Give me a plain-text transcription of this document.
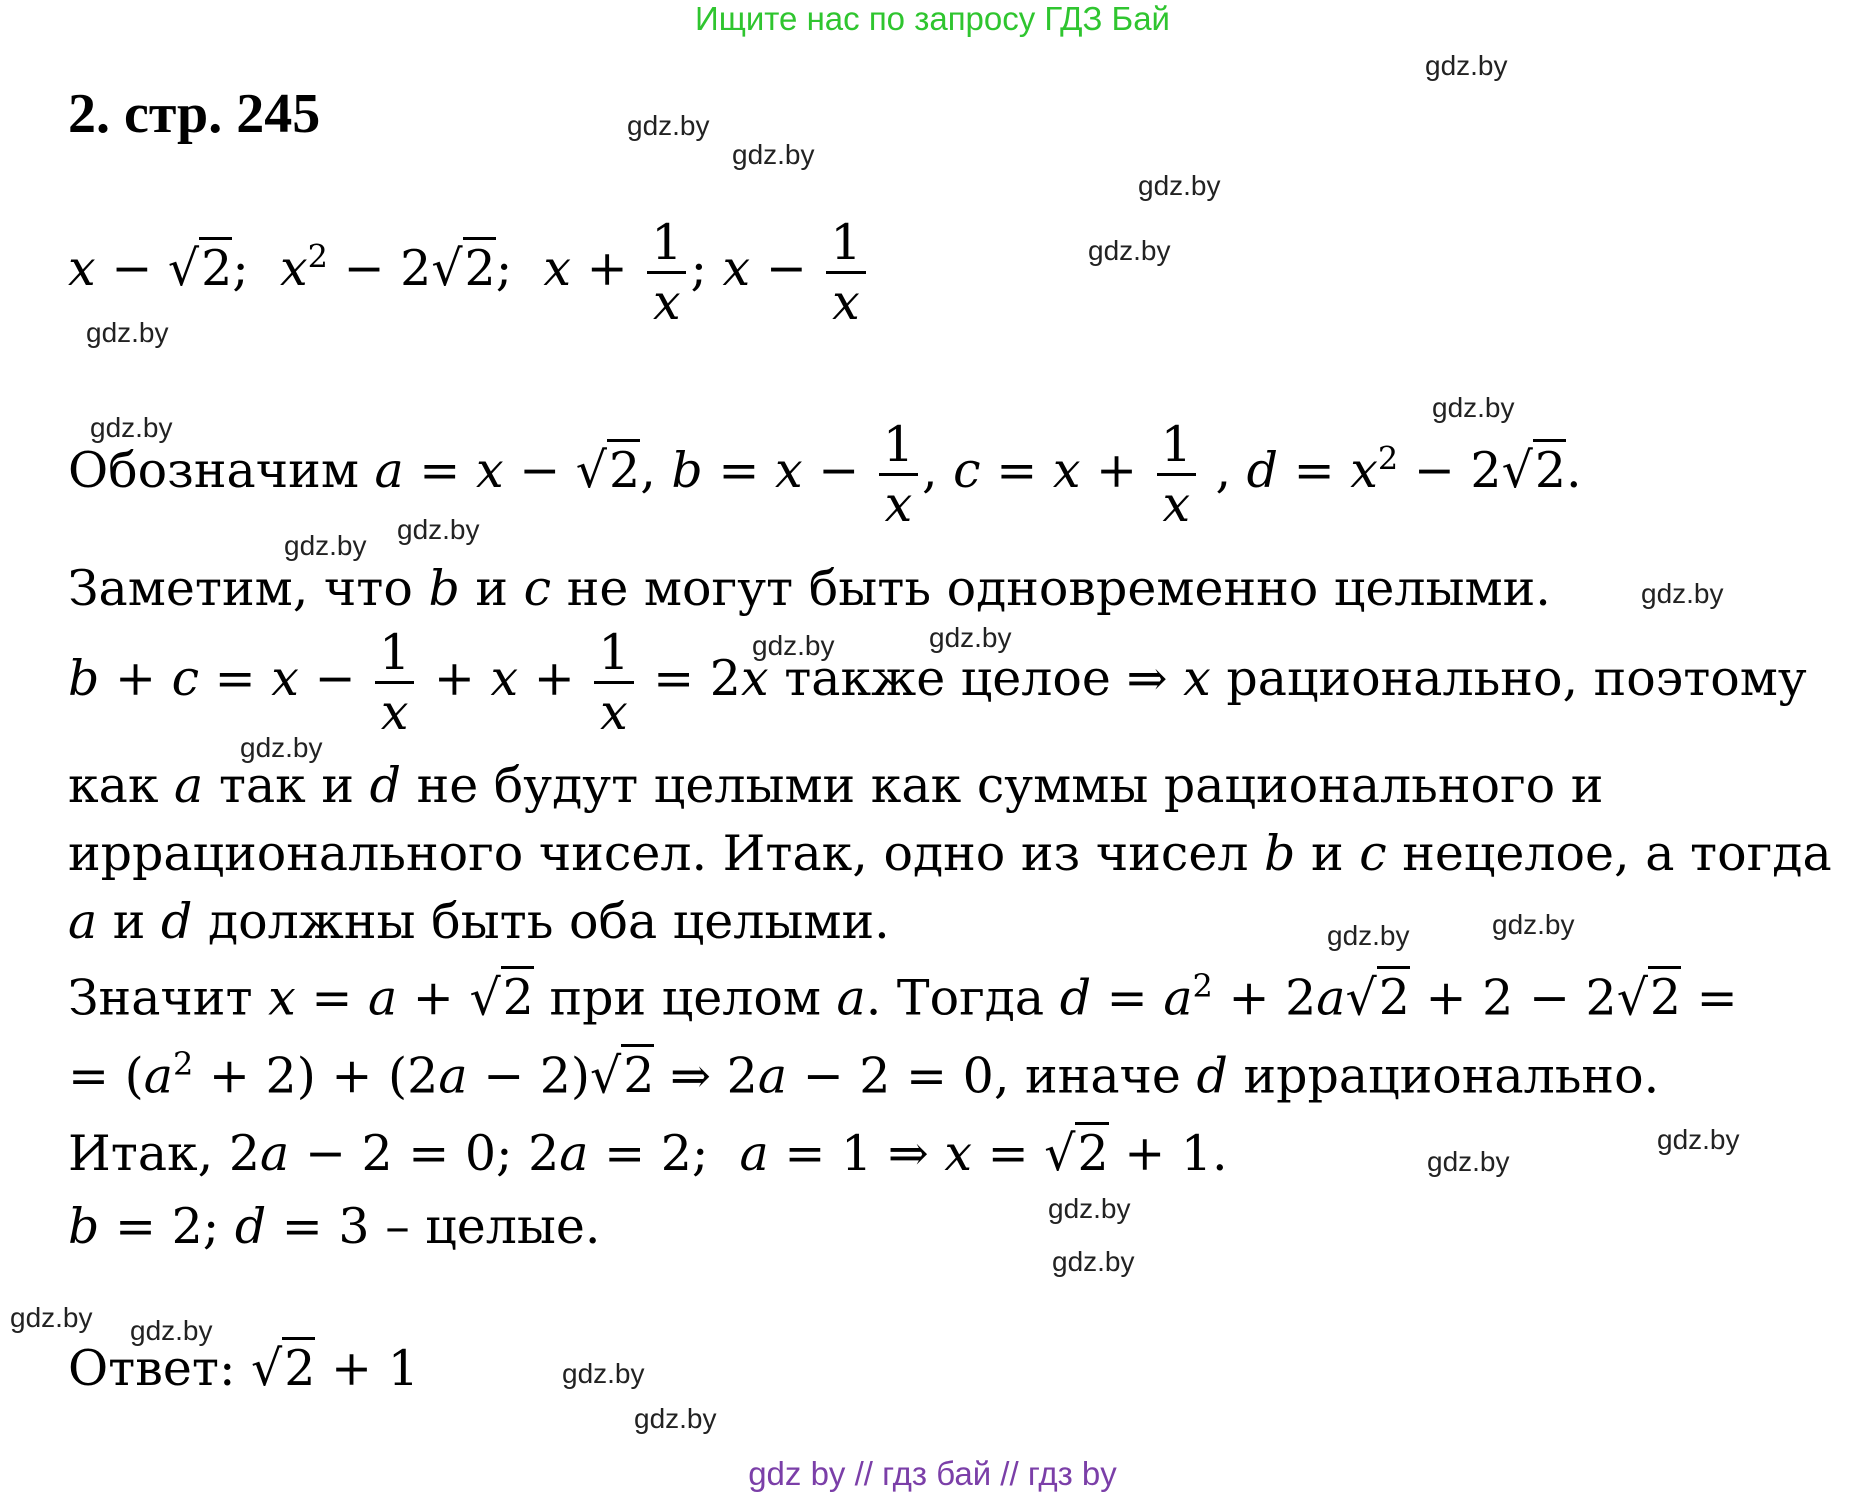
Ищите нас по запросу ГДЗ Бай
2. стр. 245
gdz.by
gdz.by
gdz.by
gdz.by
gdz.by
gdz.by
gdz.by
gdz.by
gdz.by
gdz.by
gdz.by
gdz.by	gdz.by
gdz.by
gdz.by
gdz.by
gdz.by
gdz.by
gdz.by
gdz.by
gdz.by gdz.by
gdz.by
gdz.by
x − √2;  $x^2 - 2√2$;  $x + \frac{1}{x}$ ; $x - \frac{1}{x}$
Обозначим a = x − √2, $b = x - \frac{1}{x}$ , $c = x + \frac{1}{x}$ , $d = x^2 - 2√2$.
Заметим, что b и c не могут быть одновременно целыми.
$b + c = x - \frac{1}{x} + x + \frac{1}{x} = 2x$ также целое ⇒ x рационально, поэтому
как a так и d не будут целыми как суммы рационального и
иррационального чисел. Итак, одно из чисел b и c нецелое, а тогда
a и d должны быть оба целыми.
Значит x = a + √2 при целом a. Тогда $d = a^2 + 2a√2 + 2 - 2√2$ =
= $(a^2 + 2) + (2a - 2)√2$ ⇒ 2a − 2 = 0, иначе d иррационально.
Итак, 2a − 2 = 0; 2a = 2;  a = 1 ⇒ x = √2 + 1.
b = 2; d = 3 – целые.
Ответ: √2 + 1
gdz by // гдз бай // гдз by
